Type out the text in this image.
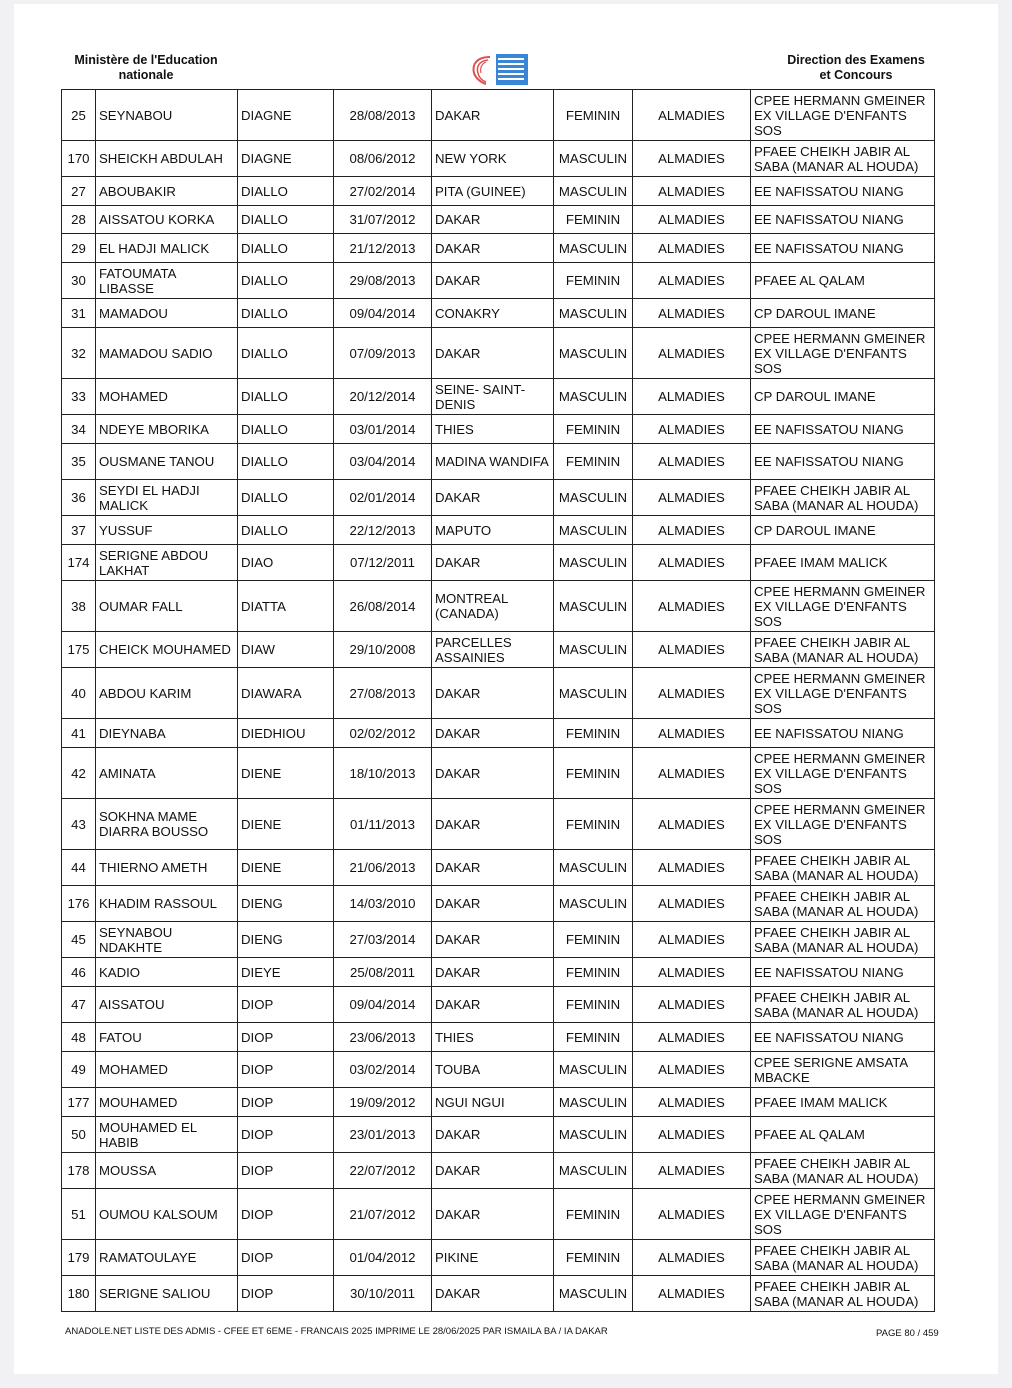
Ministère de l'Education
nationale
Direction des Examens
et Concours
25	SEYNABOU	DIAGNE	28/08/2013	DAKAR	FEMININ	ALMADIES	CPEE HERMANN GMEINER EX VILLAGE D'ENFANTS SOS
170	SHEICKH ABDULAH	DIAGNE	08/06/2012	NEW YORK	MASCULIN	ALMADIES	PFAEE CHEIKH JABIR AL SABA (MANAR AL HOUDA)
27	ABOUBAKIR	DIALLO	27/02/2014	PITA (GUINEE)	MASCULIN	ALMADIES	EE NAFISSATOU NIANG
28	AISSATOU KORKA	DIALLO	31/07/2012	DAKAR	FEMININ	ALMADIES	EE NAFISSATOU NIANG
29	EL HADJI MALICK	DIALLO	21/12/2013	DAKAR	MASCULIN	ALMADIES	EE NAFISSATOU NIANG
30	FATOUMATA LIBASSE	DIALLO	29/08/2013	DAKAR	FEMININ	ALMADIES	PFAEE AL QALAM
31	MAMADOU	DIALLO	09/04/2014	CONAKRY	MASCULIN	ALMADIES	CP DAROUL IMANE
32	MAMADOU SADIO	DIALLO	07/09/2013	DAKAR	MASCULIN	ALMADIES	CPEE HERMANN GMEINER EX VILLAGE D'ENFANTS SOS
33	MOHAMED	DIALLO	20/12/2014	SEINE- SAINT-DENIS	MASCULIN	ALMADIES	CP DAROUL IMANE
34	NDEYE MBORIKA	DIALLO	03/01/2014	THIES	FEMININ	ALMADIES	EE NAFISSATOU NIANG
35	OUSMANE TANOU	DIALLO	03/04/2014	MADINA WANDIFA	FEMININ	ALMADIES	EE NAFISSATOU NIANG
36	SEYDI EL HADJI MALICK	DIALLO	02/01/2014	DAKAR	MASCULIN	ALMADIES	PFAEE CHEIKH JABIR AL SABA (MANAR AL HOUDA)
37	YUSSUF	DIALLO	22/12/2013	MAPUTO	MASCULIN	ALMADIES	CP DAROUL IMANE
174	SERIGNE ABDOU LAKHAT	DIAO	07/12/2011	DAKAR	MASCULIN	ALMADIES	PFAEE IMAM MALICK
38	OUMAR FALL	DIATTA	26/08/2014	MONTREAL (CANADA)	MASCULIN	ALMADIES	CPEE HERMANN GMEINER EX VILLAGE D'ENFANTS SOS
175	CHEICK MOUHAMED	DIAW	29/10/2008	PARCELLES ASSAINIES	MASCULIN	ALMADIES	PFAEE CHEIKH JABIR AL SABA (MANAR AL HOUDA)
40	ABDOU KARIM	DIAWARA	27/08/2013	DAKAR	MASCULIN	ALMADIES	CPEE HERMANN GMEINER EX VILLAGE D'ENFANTS SOS
41	DIEYNABA	DIEDHIOU	02/02/2012	DAKAR	FEMININ	ALMADIES	EE NAFISSATOU NIANG
42	AMINATA	DIENE	18/10/2013	DAKAR	FEMININ	ALMADIES	CPEE HERMANN GMEINER EX VILLAGE D'ENFANTS SOS
43	SOKHNA MAME DIARRA BOUSSO	DIENE	01/11/2013	DAKAR	FEMININ	ALMADIES	CPEE HERMANN GMEINER EX VILLAGE D'ENFANTS SOS
44	THIERNO AMETH	DIENE	21/06/2013	DAKAR	MASCULIN	ALMADIES	PFAEE CHEIKH JABIR AL SABA (MANAR AL HOUDA)
176	KHADIM RASSOUL	DIENG	14/03/2010	DAKAR	MASCULIN	ALMADIES	PFAEE CHEIKH JABIR AL SABA (MANAR AL HOUDA)
45	SEYNABOU NDAKHTE	DIENG	27/03/2014	DAKAR	FEMININ	ALMADIES	PFAEE CHEIKH JABIR AL SABA (MANAR AL HOUDA)
46	KADIO	DIEYE	25/08/2011	DAKAR	FEMININ	ALMADIES	EE NAFISSATOU NIANG
47	AISSATOU	DIOP	09/04/2014	DAKAR	FEMININ	ALMADIES	PFAEE CHEIKH JABIR AL SABA (MANAR AL HOUDA)
48	FATOU	DIOP	23/06/2013	THIES	FEMININ	ALMADIES	EE NAFISSATOU NIANG
49	MOHAMED	DIOP	03/02/2014	TOUBA	MASCULIN	ALMADIES	CPEE SERIGNE AMSATA MBACKE
177	MOUHAMED	DIOP	19/09/2012	NGUI NGUI	MASCULIN	ALMADIES	PFAEE IMAM MALICK
50	MOUHAMED EL HABIB	DIOP	23/01/2013	DAKAR	MASCULIN	ALMADIES	PFAEE AL QALAM
178	MOUSSA	DIOP	22/07/2012	DAKAR	MASCULIN	ALMADIES	PFAEE CHEIKH JABIR AL SABA (MANAR AL HOUDA)
51	OUMOU KALSOUM	DIOP	21/07/2012	DAKAR	FEMININ	ALMADIES	CPEE HERMANN GMEINER EX VILLAGE D'ENFANTS SOS
179	RAMATOULAYE	DIOP	01/04/2012	PIKINE	FEMININ	ALMADIES	PFAEE CHEIKH JABIR AL SABA (MANAR AL HOUDA)
180	SERIGNE SALIOU	DIOP	30/10/2011	DAKAR	MASCULIN	ALMADIES	PFAEE CHEIKH JABIR AL SABA (MANAR AL HOUDA)
ANADOLE.NET LISTE DES ADMIS - CFEE ET 6EME - FRANCAIS 2025 IMPRIME LE 28/06/2025 PAR ISMAILA BA / IA DAKAR	PAGE 80 / 459
